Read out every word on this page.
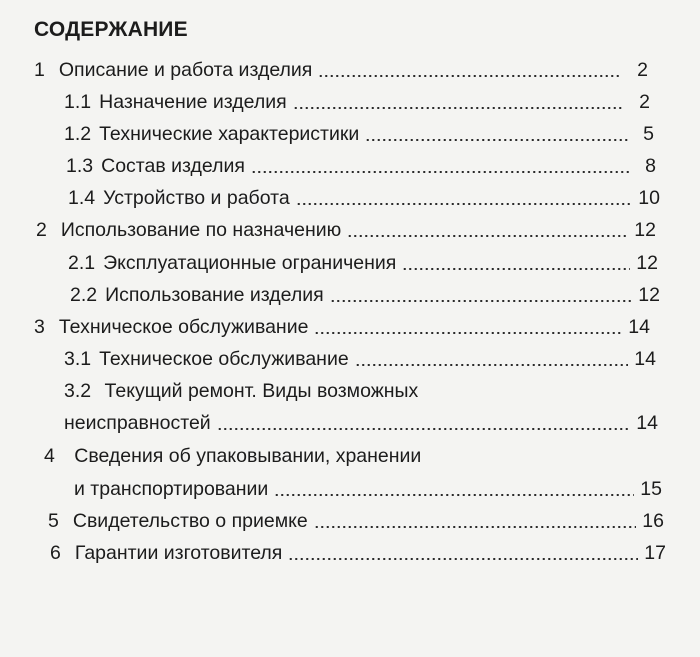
СОДЕРЖАНИЕ
1 Описание и работа изделия	2
1.1 Назначение изделия	2
1.2 Технические характеристики	5
1.3 Состав изделия	8
1.4 Устройство и работа	10
2 Использование по назначению	12
2.1 Эксплуатационные ограничения	12
2.2 Использование изделия	12
3 Техническое обслуживание	14
3.1 Техническое обслуживание	14
3.2 Текущий ремонт. Виды возможных
неисправностей	14
4 Сведения об упаковывании, хранении
и транспортировании	15
5 Свидетельство о приемке	16
6 Гарантии изготовителя	17
